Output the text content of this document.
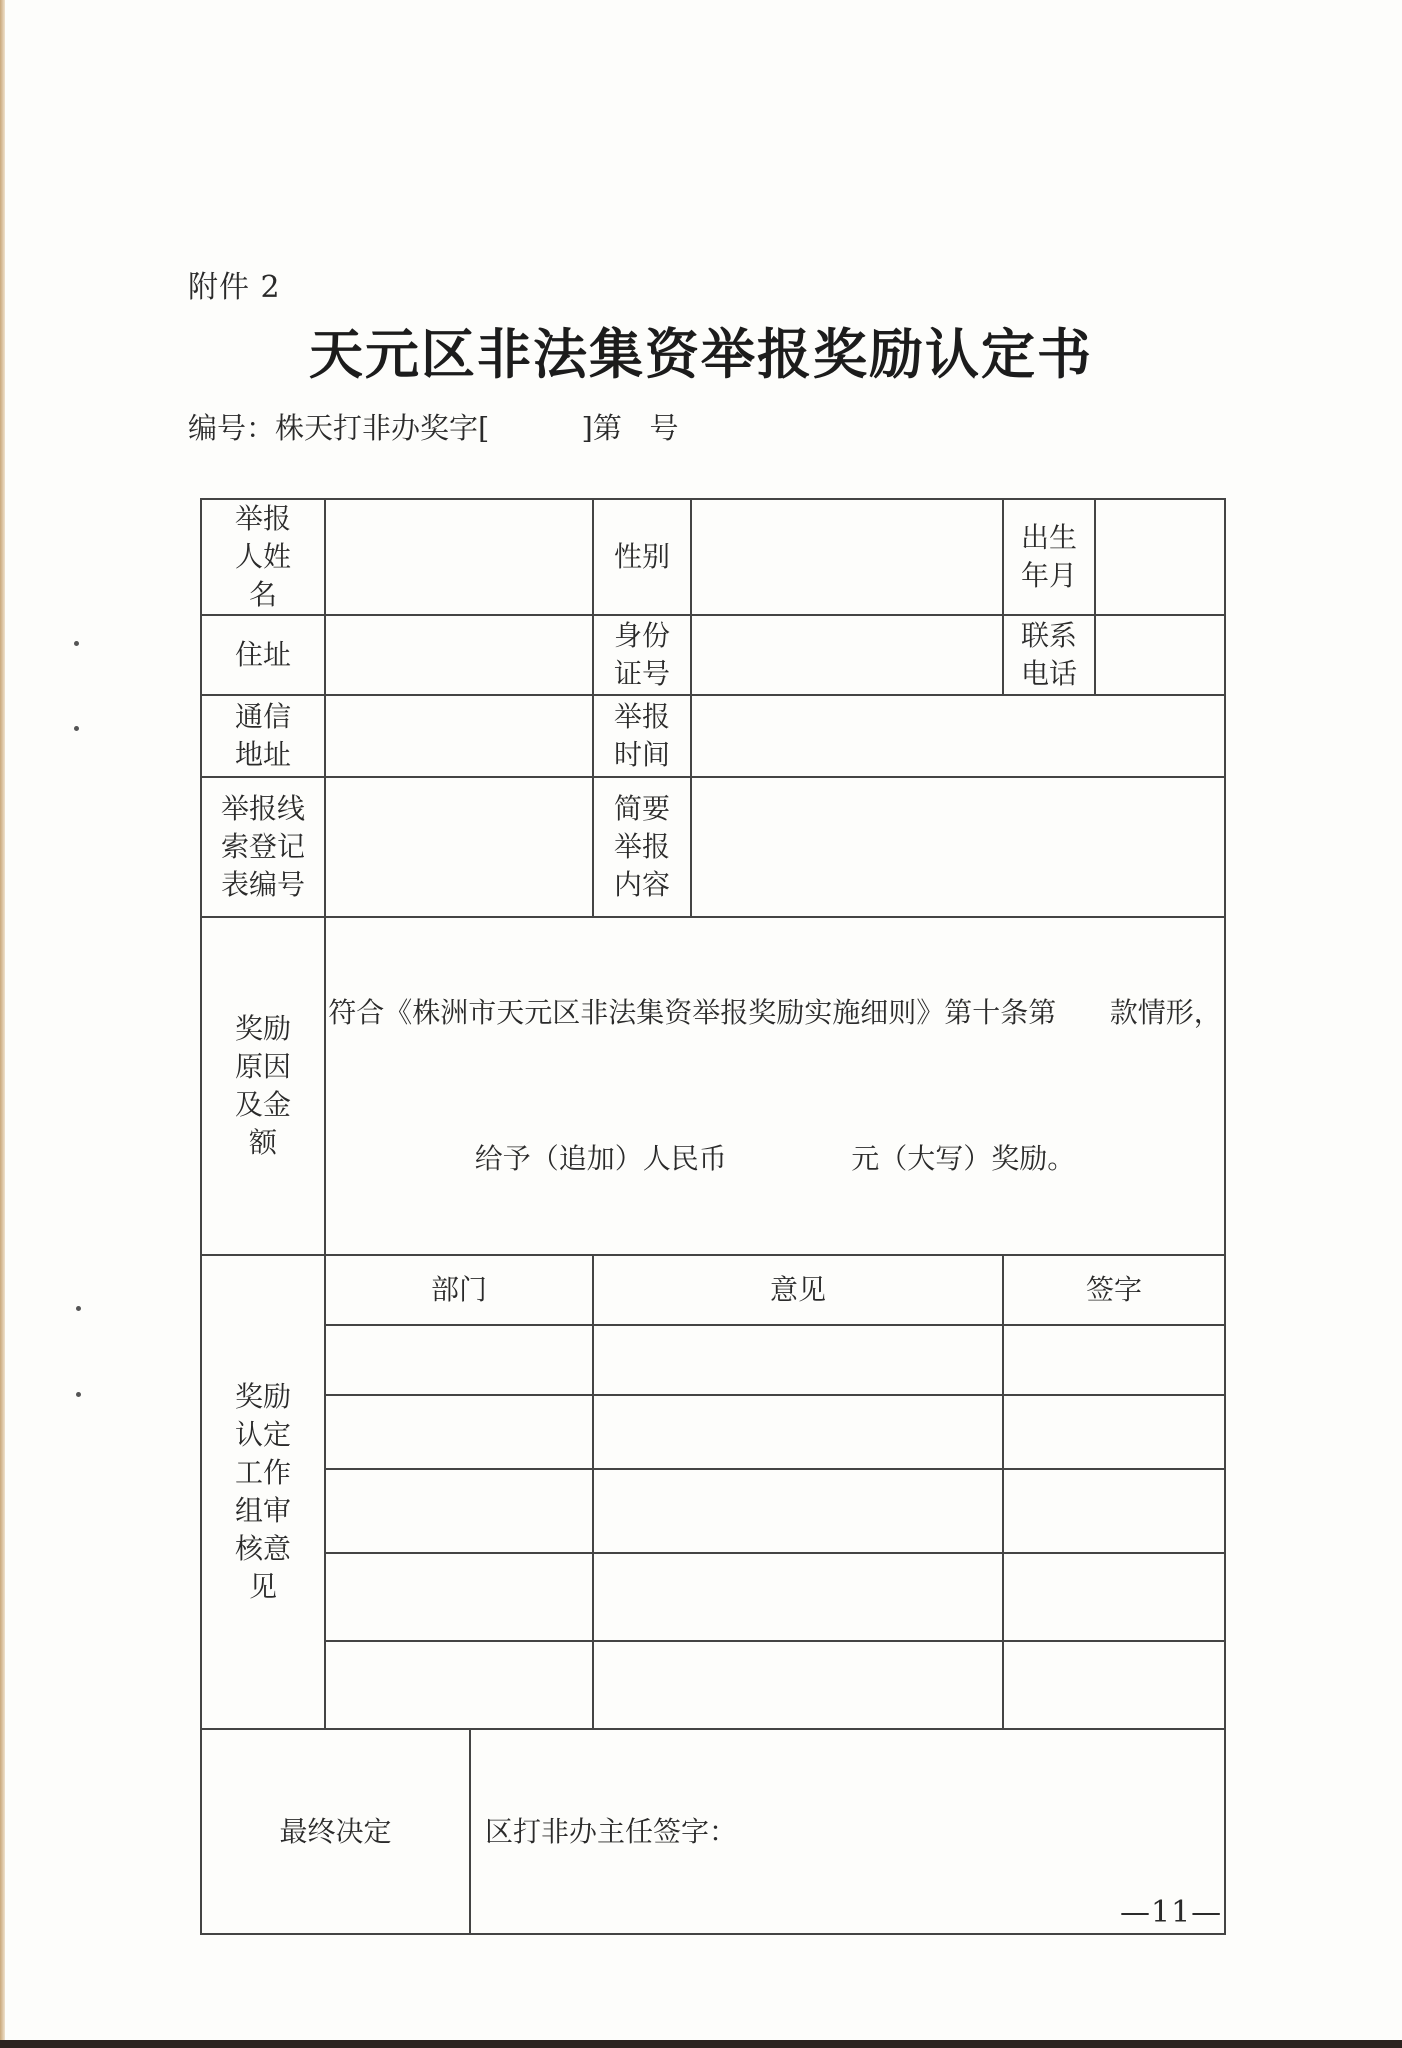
附件 2
天元区非法集资举报奖励认定书
编号：株天打非办奖字[	]第 号
举报人姓名			性别		出生年月	
住址			身份证号		联系电话	
通信地址			举报时间			
举报线索登记表编号			简要举报内容			
奖励原因及金额	符合《株洲市天元区非法集资举报奖励实施细则》第十条第      款情形，

给予（追加）人民币              元（大写）奖励。					

奖励认定工作组审核意见	部门		意见		签字	

最终决定		区打非办主任签字：				
—11—
